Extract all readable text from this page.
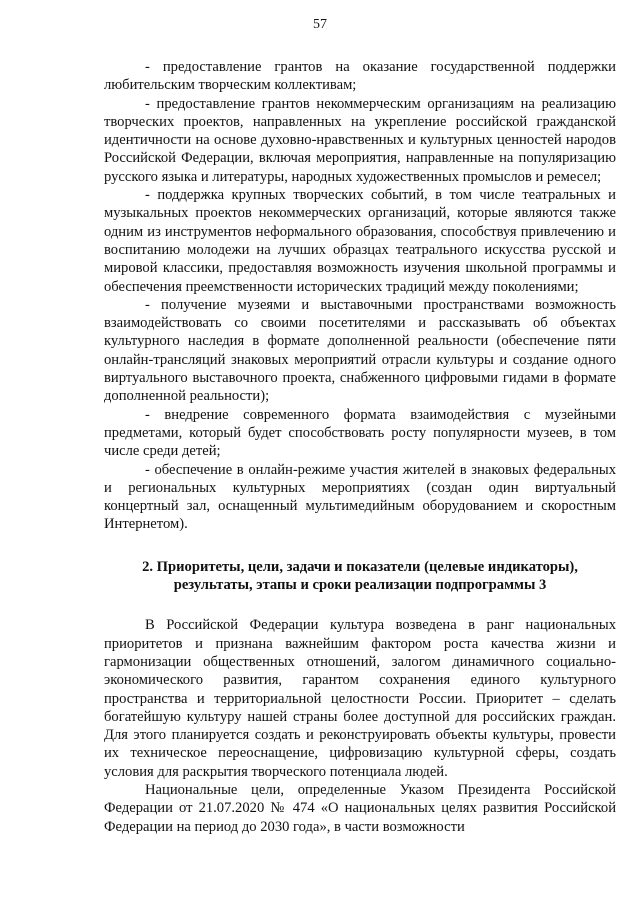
57

- предоставление грантов на оказание государственной поддержки любительским творческим коллективам;

- предоставление грантов некоммерческим организациям на реализацию творческих проектов, направленных на укрепление российской гражданской идентичности на основе духовно-нравственных и культурных ценностей народов Российской Федерации, включая мероприятия, направленные на популяризацию русского языка и литературы, народных художественных промыслов и ремесел;

- поддержка крупных творческих событий, в том числе театральных и музыкальных проектов некоммерческих организаций, которые являются также одним из инструментов неформального образования, способствуя привлечению и воспитанию молодежи на лучших образцах театрального искусства русской и мировой классики, предоставляя возможность изучения школьной программы и обеспечения преемственности исторических традиций между поколениями;

- получение музеями и выставочными пространствами возможность взаимодействовать со своими посетителями и рассказывать об объектах культурного наследия в формате дополненной реальности (обеспечение пяти онлайн-трансляций знаковых мероприятий отрасли культуры и создание одного виртуального выставочного проекта, снабженного цифровыми гидами в формате дополненной реальности);

- внедрение современного формата взаимодействия с музейными предметами, который будет способствовать росту популярности музеев, в том числе среди детей;

- обеспечение в онлайн-режиме участия жителей в знаковых федеральных и региональных культурных мероприятиях (создан один виртуальный концертный зал, оснащенный мультимедийным оборудованием и скоростным Интернетом).

2. Приоритеты, цели, задачи и показатели (целевые индикаторы),
результаты, этапы и сроки реализации подпрограммы 3

В Российской Федерации культура возведена в ранг национальных приоритетов и признана важнейшим фактором роста качества жизни и гармонизации общественных отношений, залогом динамичного социально-экономического развития, гарантом сохранения единого культурного пространства и территориальной целостности России. Приоритет – сделать богатейшую культуру нашей страны более доступной для российских граждан. Для этого планируется создать и реконструировать объекты культуры, провести их техническое переоснащение, цифровизацию культурной сферы, создать условия для раскрытия творческого потенциала людей.

Национальные цели, определенные Указом Президента Российской Федерации от 21.07.2020 № 474 «О национальных целях развития Российской Федерации на период до 2030 года», в части возможности
